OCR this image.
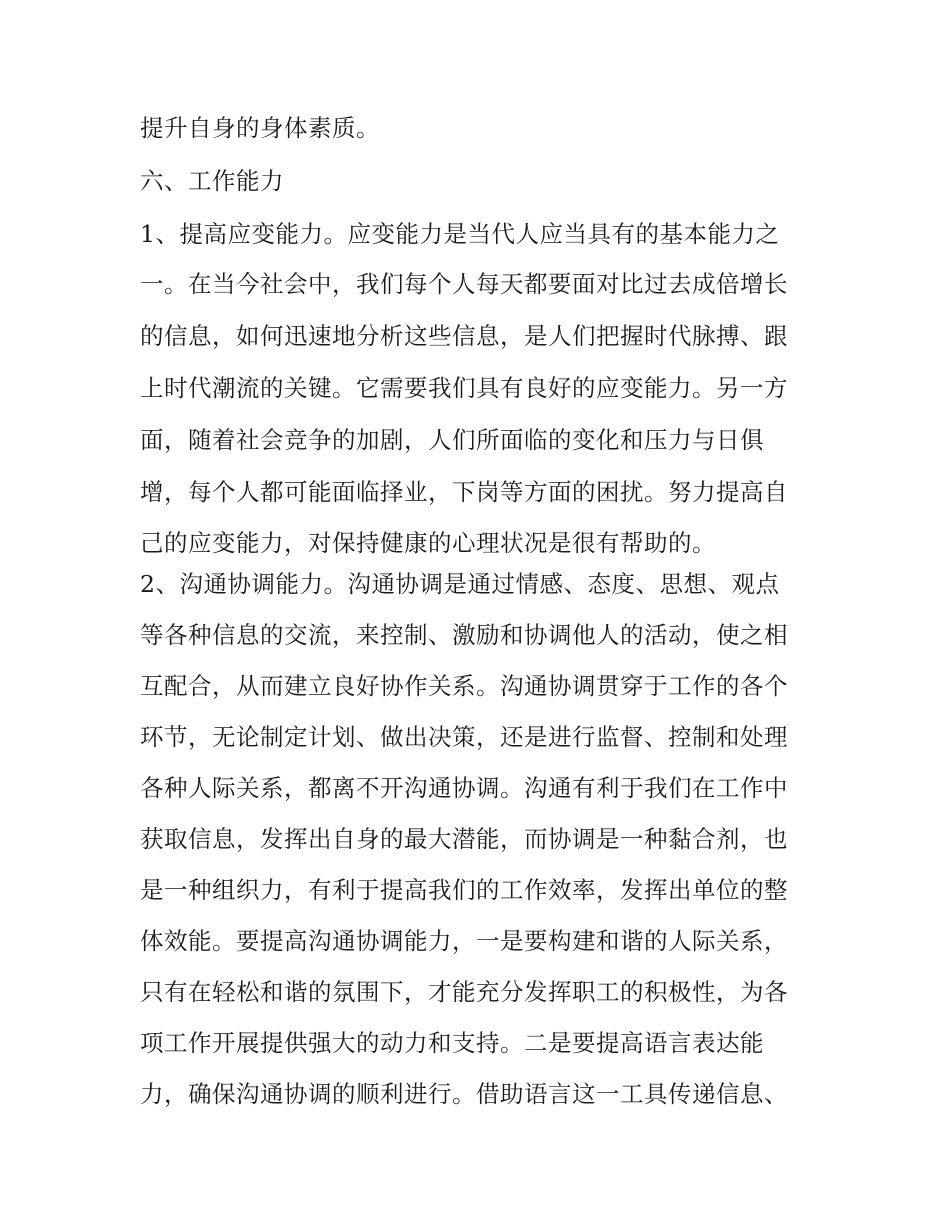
提升自身的身体素质。
六、工作能力
1、提高应变能力。应变能力是当代人应当具有的基本能力之
一。在当今社会中，我们每个人每天都要面对比过去成倍增长
的信息，如何迅速地分析这些信息，是人们把握时代脉搏、跟
上时代潮流的关键。它需要我们具有良好的应变能力。另一方
面，随着社会竞争的加剧，人们所面临的变化和压力与日俱
增，每个人都可能面临择业，下岗等方面的困扰。努力提高自
己的应变能力，对保持健康的心理状况是很有帮助的。
2、沟通协调能力。沟通协调是通过情感、态度、思想、观点
等各种信息的交流，来控制、激励和协调他人的活动，使之相
互配合，从而建立良好协作关系。沟通协调贯穿于工作的各个
环节，无论制定计划、做出决策，还是进行监督、控制和处理
各种人际关系，都离不开沟通协调。沟通有利于我们在工作中
获取信息，发挥出自身的最大潜能，而协调是一种黏合剂，也
是一种组织力，有利于提高我们的工作效率，发挥出单位的整
体效能。要提高沟通协调能力，一是要构建和谐的人际关系，
只有在轻松和谐的氛围下，才能充分发挥职工的积极性，为各
项工作开展提供强大的动力和支持。二是要提高语言表达能
力，确保沟通协调的顺利进行。借助语言这一工具传递信息、
